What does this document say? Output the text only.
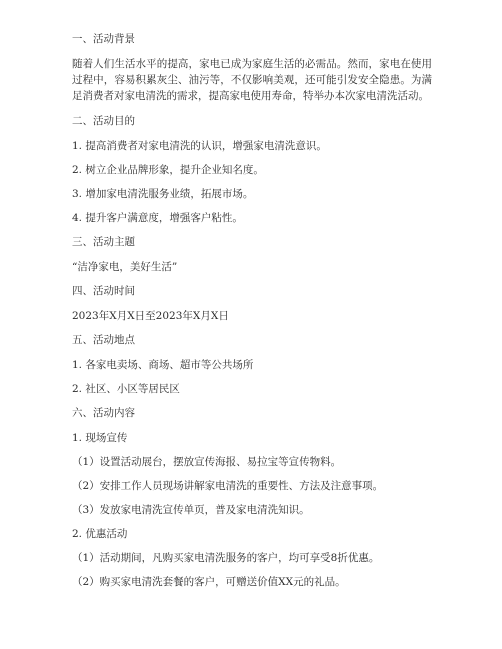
一、活动背景

随着人们生活水平的提高，家电已成为家庭生活的必需品。然而，家电在使用过程中，容易积累灰尘、油污等，不仅影响美观，还可能引发安全隐患。为满足消费者对家电清洗的需求，提高家电使用寿命，特举办本次家电清洗活动。

二、活动目的

1. 提高消费者对家电清洗的认识，增强家电清洗意识。

2. 树立企业品牌形象，提升企业知名度。

3. 增加家电清洗服务业绩，拓展市场。

4. 提升客户满意度，增强客户粘性。

三、活动主题

“洁净家电，美好生活”

四、活动时间

2023年X月X日至2023年X月X日

五、活动地点

1. 各家电卖场、商场、超市等公共场所

2. 社区、小区等居民区

六、活动内容

1. 现场宣传

（1）设置活动展台，摆放宣传海报、易拉宝等宣传物料。

（2）安排工作人员现场讲解家电清洗的重要性、方法及注意事项。

（3）发放家电清洗宣传单页，普及家电清洗知识。

2. 优惠活动

（1）活动期间，凡购买家电清洗服务的客户，均可享受8折优惠。

（2）购买家电清洗套餐的客户，可赠送价值XX元的礼品。
